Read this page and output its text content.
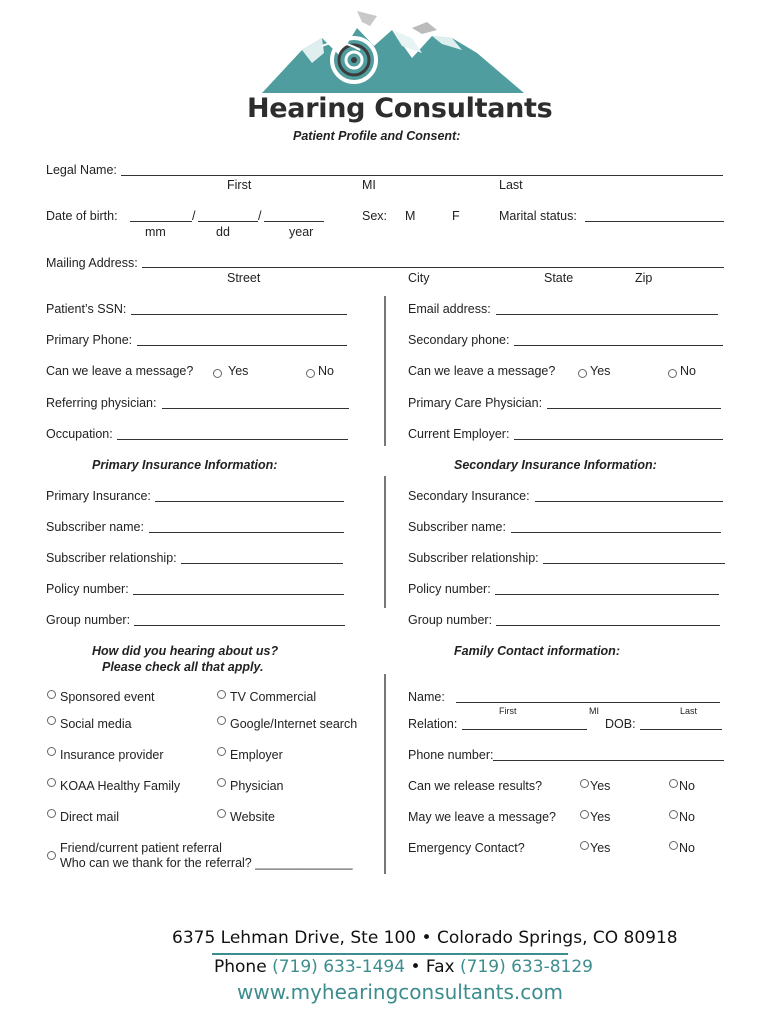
Hearing Consultants
Patient Profile and Consent:
Legal Name:
First	MI	Last
Date of birth:	/	/
mm	dd	year
Sex: M	F	Marital status:
Mailing Address:
Street	City	State	Zip
Patient’s SSN:
Primary Phone:
Can we leave a message?	Yes	No
Referring physician:
Occupation:
Email address:
Secondary phone:
Can we leave a message?	Yes	No
Primary Care Physician:
Current Employer:
Primary Insurance Information:	Secondary Insurance Information:
Primary Insurance:
Subscriber name:
Subscriber relationship:
Policy number:
Group number:
Secondary Insurance:
Subscriber name:
Subscriber relationship:
Policy number:
Group number:
How did you hearing about us?
Please check all that apply.
Family Contact information:
Sponsored event
Social media
Insurance provider
KOAA Healthy Family
Direct mail
TV Commercial
Google/Internet search
Employer
Physician
Website
Friend/current patient referral
Who can we thank for the referral? ______________
Name:
First	MI	Last
Relation:	DOB:
Phone number:
Can we release results?	Yes	No
May we leave a message?	Yes	No
Emergency Contact?	Yes	No
6375 Lehman Drive, Ste 100 • Colorado Springs, CO 80918
Phone (719) 633-1494 • Fax (719) 633-8129
www.myhearingconsultants.com
